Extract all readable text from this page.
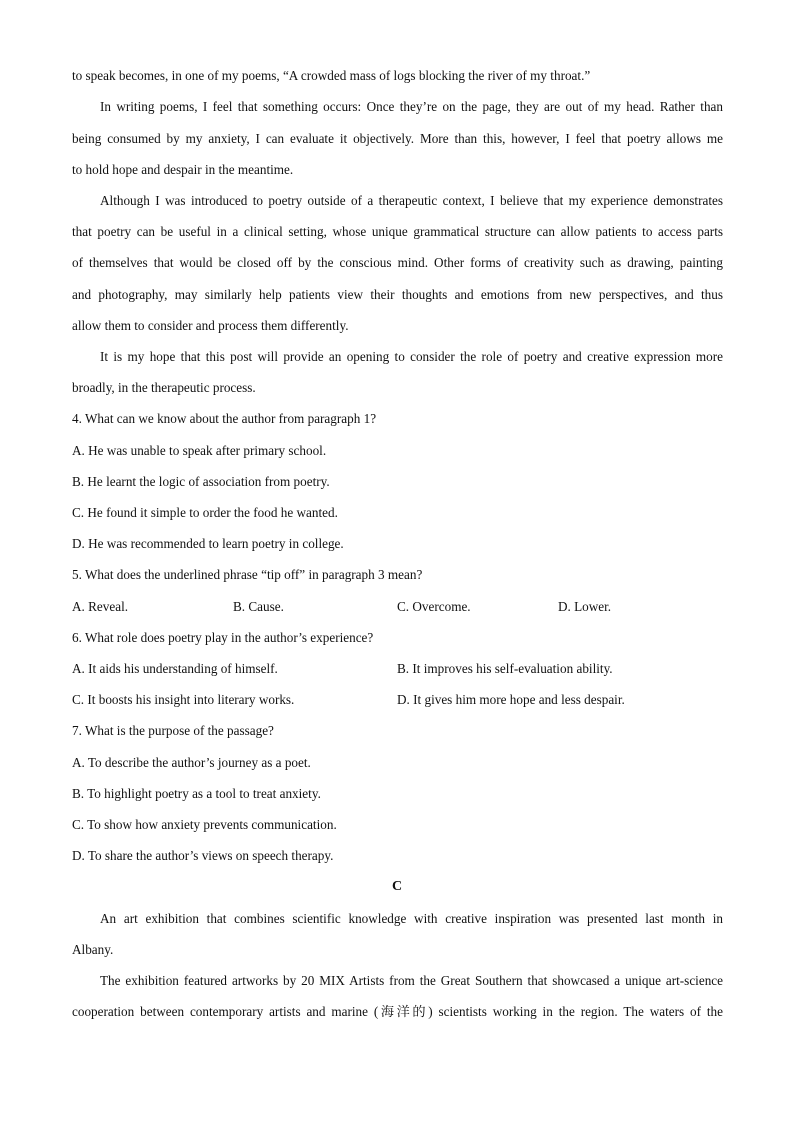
to speak becomes, in one of my poems, “A crowded mass of logs blocking the river of my throat.”
In writing poems, I feel that something occurs: Once they’re on the page, they are out of my head. Rather than
being consumed by my anxiety, I can evaluate it objectively. More than this, however, I feel that poetry allows me
to hold hope and despair in the meantime.
Although I was introduced to poetry outside of a therapeutic context, I believe that my experience demonstrates
that poetry can be useful in a clinical setting, whose unique grammatical structure can allow patients to access parts
of themselves that would be closed off by the conscious mind. Other forms of creativity such as drawing, painting
and photography, may similarly help patients view their thoughts and emotions from new perspectives, and thus
allow them to consider and process them differently.
It is my hope that this post will provide an opening to consider the role of poetry and creative expression more
broadly, in the therapeutic process.
4. What can we know about the author from paragraph 1?
A. He was unable to speak after primary school.
B. He learnt the logic of association from poetry.
C. He found it simple to order the food he wanted.
D. He was recommended to learn poetry in college.
5. What does the underlined phrase “tip off” in paragraph 3 mean?
A. Reveal.	B. Cause.	C. Overcome.	D. Lower.
6. What role does poetry play in the author’s experience?
A. It aids his understanding of himself.	B. It improves his self-evaluation ability.
C. It boosts his insight into literary works.	D. It gives him more hope and less despair.
7. What is the purpose of the passage?
A. To describe the author’s journey as a poet.
B. To highlight poetry as a tool to treat anxiety.
C. To show how anxiety prevents communication.
D. To share the author’s views on speech therapy.
C
An art exhibition that combines scientific knowledge with creative inspiration was presented last month in
Albany.
The exhibition featured artworks by 20 MIX Artists from the Great Southern that showcased a unique art-science
cooperation between contemporary artists and marine (海洋的) scientists working in the region. The waters of the
